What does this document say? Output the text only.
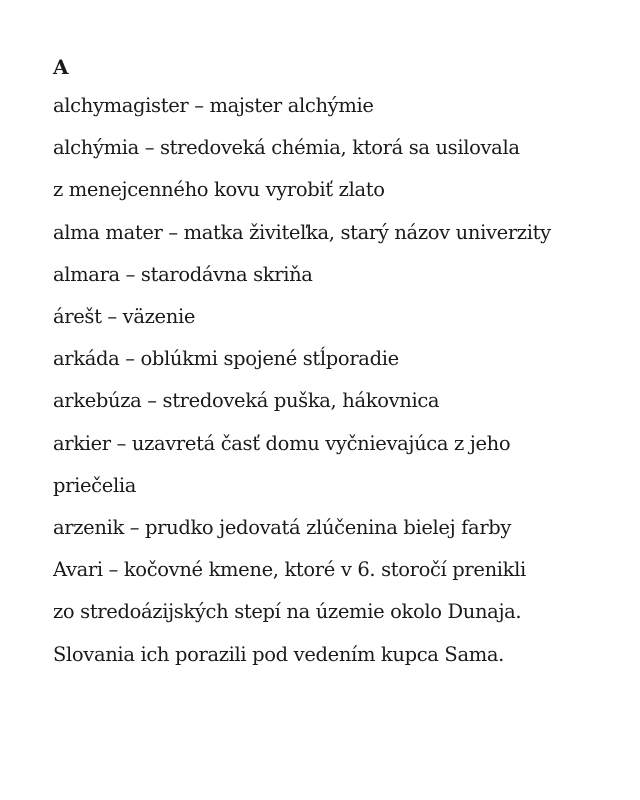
A
alchymagister – majster alchýmie
alchýmia – stredoveká chémia, ktorá sa usilovala
z menejcenného kovu vyrobiť zlato
alma mater – matka živiteľka, starý názov univerzity
almara – starodávna skriňa
árešt – väzenie
arkáda – oblúkmi spojené stĺporadie
arkebúza – stredoveká puška, hákovnica
arkier – uzavretá časť domu vyčnievajúca z jeho
priečelia
arzenik – prudko jedovatá zlúčenina bielej farby
Avari – kočovné kmene, ktoré v 6. storočí prenikli
zo stredoázijských stepí na územie okolo Dunaja.
Slovania ich porazili pod vedením kupca Sama.
